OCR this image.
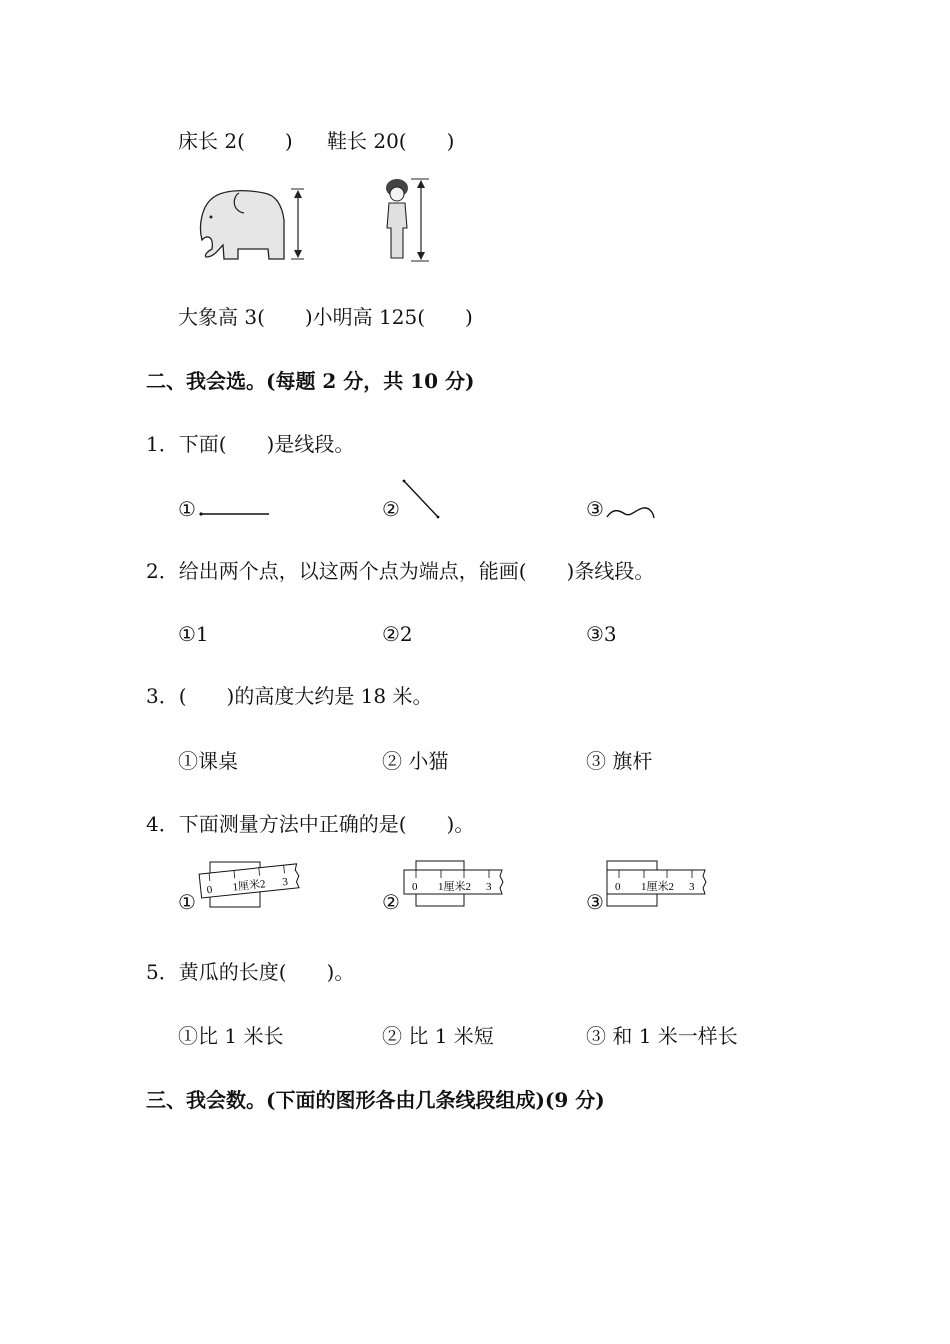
床长 2(　　) 鞋长 20(　　)
大象高 3(　　)小明高 125(　　)
二、我会选。(每题 2 分，共 10 分)
1．下面(　　)是线段。
①	②	③
2．给出两个点，以这两个点为端点，能画(　　)条线段。
①1	②2	③3
3．(　　)的高度大约是 18 米。
①课桌	② 小猫	③ 旗杆
4．下面测量方法中正确的是(　　)。
① 0 1厘米2 3
②
0 1厘米2 3
③
0 1厘米2 3
5．黄瓜的长度(　　)。
①比 1 米长	② 比 1 米短	③ 和 1 米一样长
三、我会数。(下面的图形各由几条线段组成)(9 分)
